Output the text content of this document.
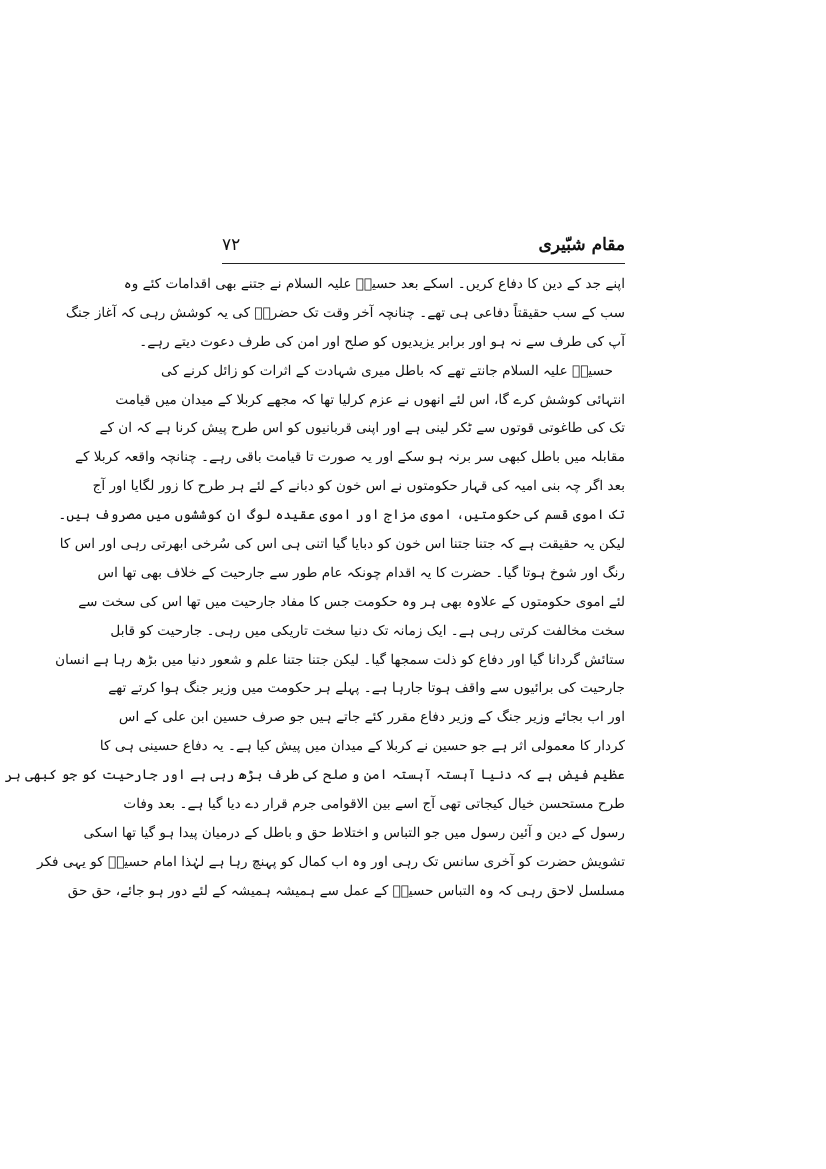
مقام شبّیری
۷۲
اپنے جد کے دین کا دفاع کریں۔ اسکے بعد حسینؑ علیہ السلام نے جتنے بھی اقدامات کئے وہ
سب کے سب حقیقتاً دفاعی ہی تھے۔ چنانچہ آخر وقت تک حضرتؑ کی یہ کوشش رہی کہ آغاز جنگ
آپ کی طرف سے نہ ہو اور برابر یزیدیوں کو صلح اور امن کی طرف دعوت دیتے رہے۔
حسینؑ علیہ السلام جانتے تھے کہ باطل میری شہادت کے اثرات کو زائل کرنے کی
انتہائی کوشش کرے گا، اس لئے انھوں نے عزم کرلیا تھا کہ مجھے کربلا کے میدان میں قیامت
تک کی طاغوتی قوتوں سے ٹکر لینی ہے اور اپنی قربانیوں کو اس طرح پیش کرنا ہے کہ ان کے
مقابلہ میں باطل کبھی سر برنہ ہو سکے اور یہ صورت تا قیامت باقی رہے۔ چنانچہ واقعہ کربلا کے
بعد اگر چہ بنی امیہ کی قہار حکومتوں نے اس خون کو دبانے کے لئے ہر طرح کا زور لگایا اور آج
تک اموی قسم کی حکومتیں، اموی مزاج اور اموی عقیدہ لوگ ان کوششوں میں مصروف ہیں۔
لیکن یہ حقیقت ہے کہ جتنا جتنا اس خون کو دبایا گیا اتنی ہی اس کی سُرخی ابھرتی رہی اور اس کا
رنگ اور شوخ ہوتا گیا۔ حضرت کا یہ اقدام چونکہ عام طور سے جارحیت کے خلاف بھی تھا اس
لئے اموی حکومتوں کے علاوہ بھی ہر وہ حکومت جس کا مفاد جارحیت میں تھا اس کی سخت سے
سخت مخالفت کرتی رہی ہے۔ ایک زمانہ تک دنیا سخت تاریکی میں رہی۔ جارحیت کو قابل
ستائش گردانا گیا اور دفاع کو ذلت سمجھا گیا۔ لیکن جتنا جتنا علم و شعور دنیا میں بڑھ رہا ہے انسان
جارحیت کی برائیوں سے واقف ہوتا جارہا ہے۔ پہلے ہر حکومت میں وزیر جنگ ہوا کرتے تھے
اور اب بجائے وزیر جنگ کے وزیر دفاع مقرر کئے جاتے ہیں جو صرف حسین ابن علی کے اس
کردار کا معمولی اثر ہے جو حسین نے کربلا کے میدان میں پیش کیا ہے۔ یہ دفاع حسینی ہی کا
عظیم فیض ہے کہ دنیا آہستہ آہستہ امن و صلح کی طرف بڑھ رہی ہے اور جارحیت کو جو کبھی ہر
طرح مستحسن خیال کیجاتی تھی آج اسے بین الاقوامی جرم قرار دے دیا گیا ہے۔ بعد وفات
رسول کے دین و آئین رسول میں جو التباس و اختلاط حق و باطل کے درمیان پیدا ہو گیا تھا اسکی
تشویش حضرت کو آخری سانس تک رہی اور وہ اب کمال کو پہنچ رہا ہے لہٰذا امام حسینؑ کو یہی فکر
مسلسل لاحق رہی کہ وہ التباس حسینؑ کے عمل سے ہمیشہ ہمیشہ کے لئے دور ہو جائے، حق حق
